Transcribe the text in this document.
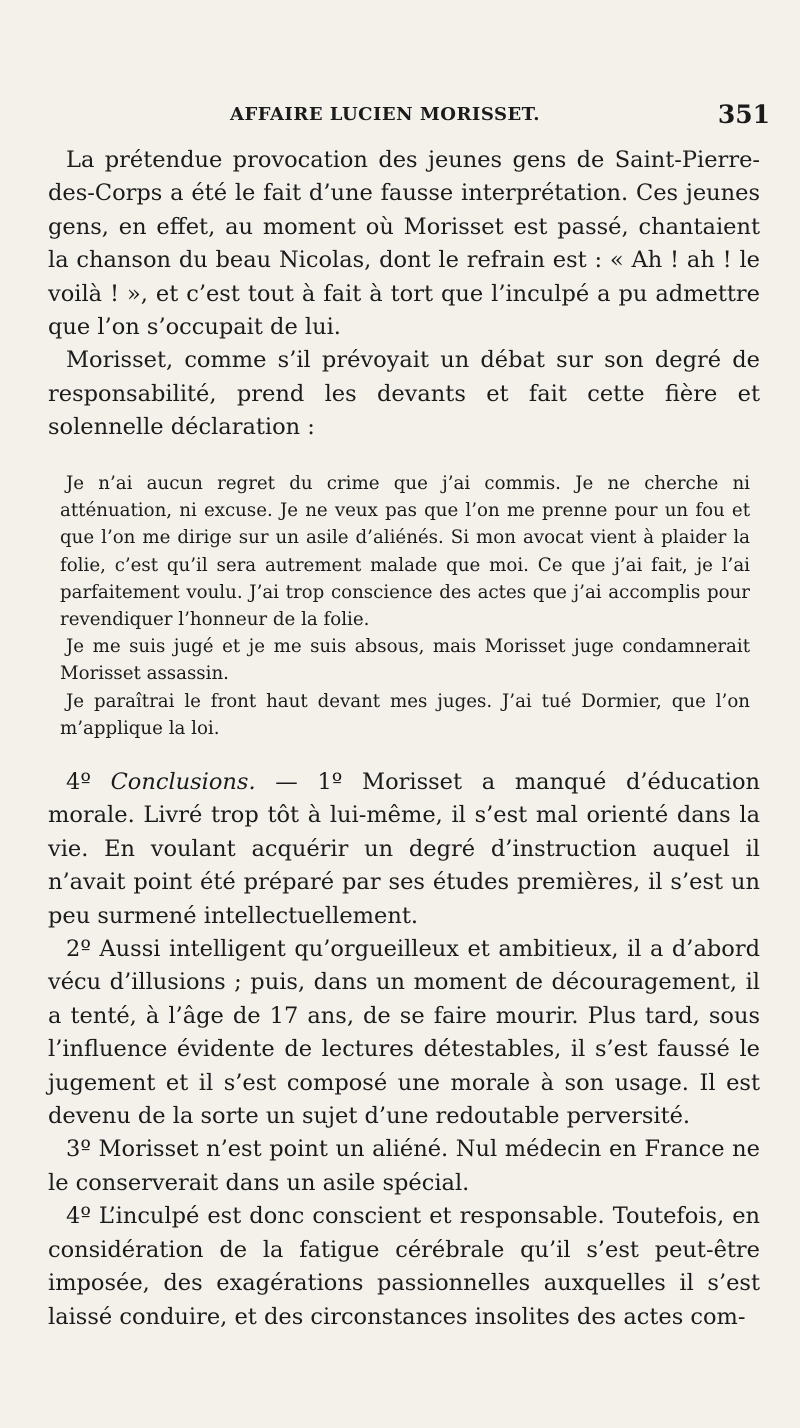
AFFAIRE LUCIEN MORISSET.	351

La prétendue provocation des jeunes gens de Saint-Pierre-des-Corps a été le fait d’une fausse interprétation. Ces jeunes gens, en effet, au moment où Morisset est passé, chantaient la chanson du beau Nicolas, dont le refrain est : « Ah ! ah ! le voilà ! », et c’est tout à fait à tort que l’inculpé a pu admettre que l’on s’occupait de lui.

Morisset, comme s’il prévoyait un débat sur son degré de responsabilité, prend les devants et fait cette fière et solennelle déclaration :

Je n’ai aucun regret du crime que j’ai commis. Je ne cherche ni atténuation, ni excuse. Je ne veux pas que l’on me prenne pour un fou et que l’on me dirige sur un asile d’aliénés. Si mon avocat vient à plaider la folie, c’est qu’il sera autrement malade que moi. Ce que j’ai fait, je l’ai parfaitement voulu. J’ai trop conscience des actes que j’ai accomplis pour revendiquer l’honneur de la folie.

Je me suis jugé et je me suis absous, mais Morisset juge condamnerait Morisset assassin.

Je paraîtrai le front haut devant mes juges. J’ai tué Dormier, que l’on m’applique la loi.

4º Conclusions. — 1º Morisset a manqué d’éducation morale. Livré trop tôt à lui-même, il s’est mal orienté dans la vie. En voulant acquérir un degré d’instruction auquel il n’avait point été préparé par ses études premières, il s’est un peu surmené intellectuellement.

2º Aussi intelligent qu’orgueilleux et ambitieux, il a d’abord vécu d’illusions ; puis, dans un moment de découragement, il a tenté, à l’âge de 17 ans, de se faire mourir. Plus tard, sous l’influence évidente de lectures détestables, il s’est faussé le jugement et il s’est composé une morale à son usage. Il est devenu de la sorte un sujet d’une redoutable perversité.

3º Morisset n’est point un aliéné. Nul médecin en France ne le conserverait dans un asile spécial.

4º L’inculpé est donc conscient et responsable. Toutefois, en considération de la fatigue cérébrale qu’il s’est peut-être imposée, des exagérations passionnelles auxquelles il s’est laissé conduire, et des circonstances insolites des actes com-
